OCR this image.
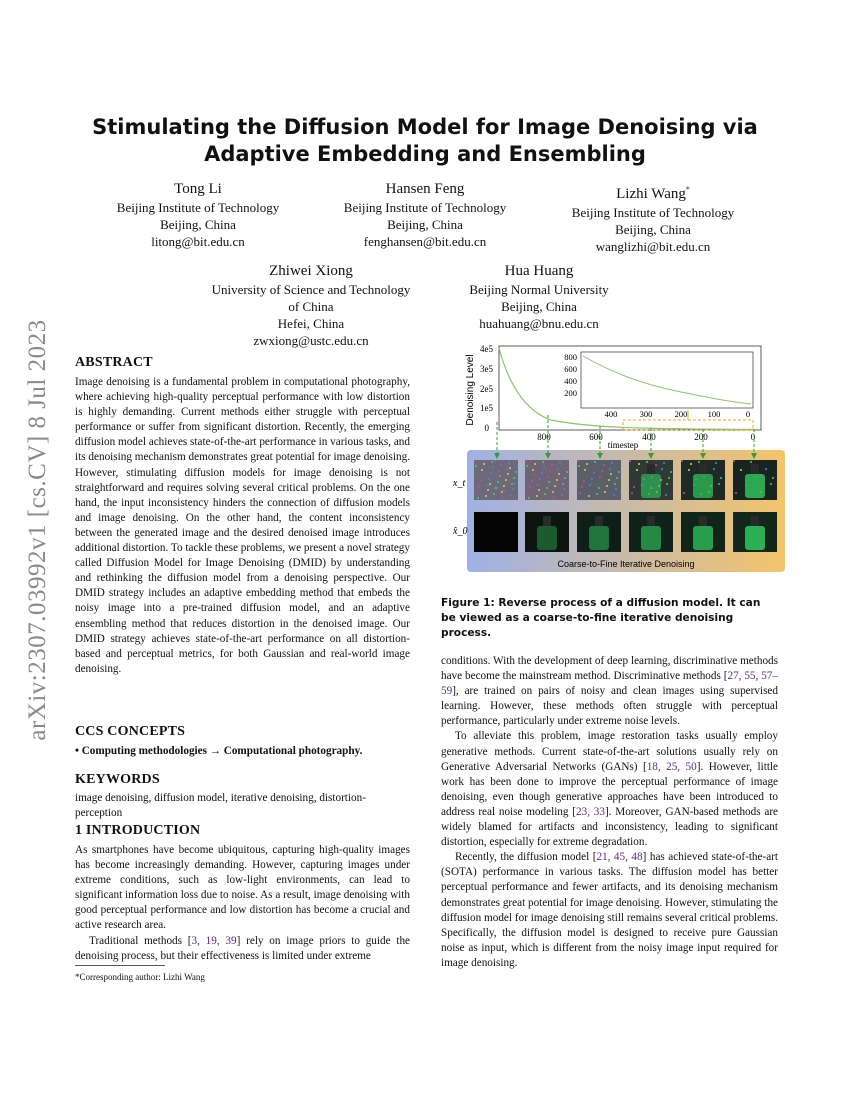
arXiv:2307.03992v1 [cs.CV] 8 Jul 2023
Stimulating the Diffusion Model for Image Denoising via
Adaptive Embedding and Ensembling
Tong Li
Beijing Institute of Technology
Beijing, China
litong@bit.edu.cn
Hansen Feng
Beijing Institute of Technology
Beijing, China
fenghansen@bit.edu.cn
Lizhi Wang*
Beijing Institute of Technology
Beijing, China
wanglizhi@bit.edu.cn
Zhiwei Xiong
University of Science and Technology
of China
Hefei, China
zwxiong@ustc.edu.cn
Hua Huang
Beijing Normal University
Beijing, China
huahuang@bnu.edu.cn
ABSTRACT

Image denoising is a fundamental problem in computational photography, where achieving high-quality perceptual performance with low distortion is highly demanding. Current methods either struggle with perceptual performance or suffer from significant distortion. Recently, the emerging diffusion model achieves state-of-the-art performance in various tasks, and its denoising mechanism demonstrates great potential for image denoising. However, stimulating diffusion models for image denoising is not straightforward and requires solving several critical problems. On the one hand, the input inconsistency hinders the connection of diffusion models and image denoising. On the other hand, the content inconsistency between the generated image and the desired denoised image introduces additional distortion. To tackle these problems, we present a novel strategy called Diffusion Model for Image Denoising (DMID) by understanding and rethinking the diffusion model from a denoising perspective. Our DMID strategy includes an adaptive embedding method that embeds the noisy image into a pre-trained diffusion model, and an adaptive ensembling method that reduces distortion in the denoised image. Our DMID strategy achieves state-of-the-art performance on all distortion-based and perceptual metrics, for both Gaussian and real-world image denoising.

CCS CONCEPTS

• Computing methodologies → Computational photography.

KEYWORDS

image denoising, diffusion model, iterative denoising, distortion-perception

1 INTRODUCTION

As smartphones have become ubiquitous, capturing high-quality images has become increasingly demanding. However, capturing images under extreme conditions, such as low-light environments, can lead to significant information loss due to noise. As a result, image denoising with good perceptual performance and low distortion has become a crucial and active research area.

Traditional methods [3, 19, 39] rely on image priors to guide the denoising process, but their effectiveness is limited under extreme

*Corresponding author: Lizhi Wang
Denoising Level
4e5
3e5
2e5
1e5
0
800	600	400	200	0
timestep
800
600
400
200
400	300	200 100	0
x_t
x̂_0
Coarse-to-Fine Iterative Denoising
Figure 1: Reverse process of a diffusion model. It can be viewed as a coarse-to-fine iterative denoising process.

conditions. With the development of deep learning, discriminative methods have become the mainstream method. Discriminative methods [27, 55, 57–59], are trained on pairs of noisy and clean images using supervised learning. However, these methods often struggle with perceptual performance, particularly under extreme noise levels.

To alleviate this problem, image restoration tasks usually employ generative methods. Current state-of-the-art solutions usually rely on Generative Adversarial Networks (GANs) [18, 25, 50]. However, little work has been done to improve the perceptual performance of image denoising, even though generative approaches have been introduced to address real noise modeling [23, 33]. Moreover, GAN-based methods are widely blamed for artifacts and inconsistency, leading to significant distortion, especially for extreme degradation.

Recently, the diffusion model [21, 45, 48] has achieved state-of-the-art (SOTA) performance in various tasks. The diffusion model has better perceptual performance and fewer artifacts, and its denoising mechanism demonstrates great potential for image denoising. However, stimulating the diffusion model for image denoising still remains several critical problems. Specifically, the diffusion model is designed to receive pure Gaussian noise as input, which is different from the noisy image input required for image denoising.
